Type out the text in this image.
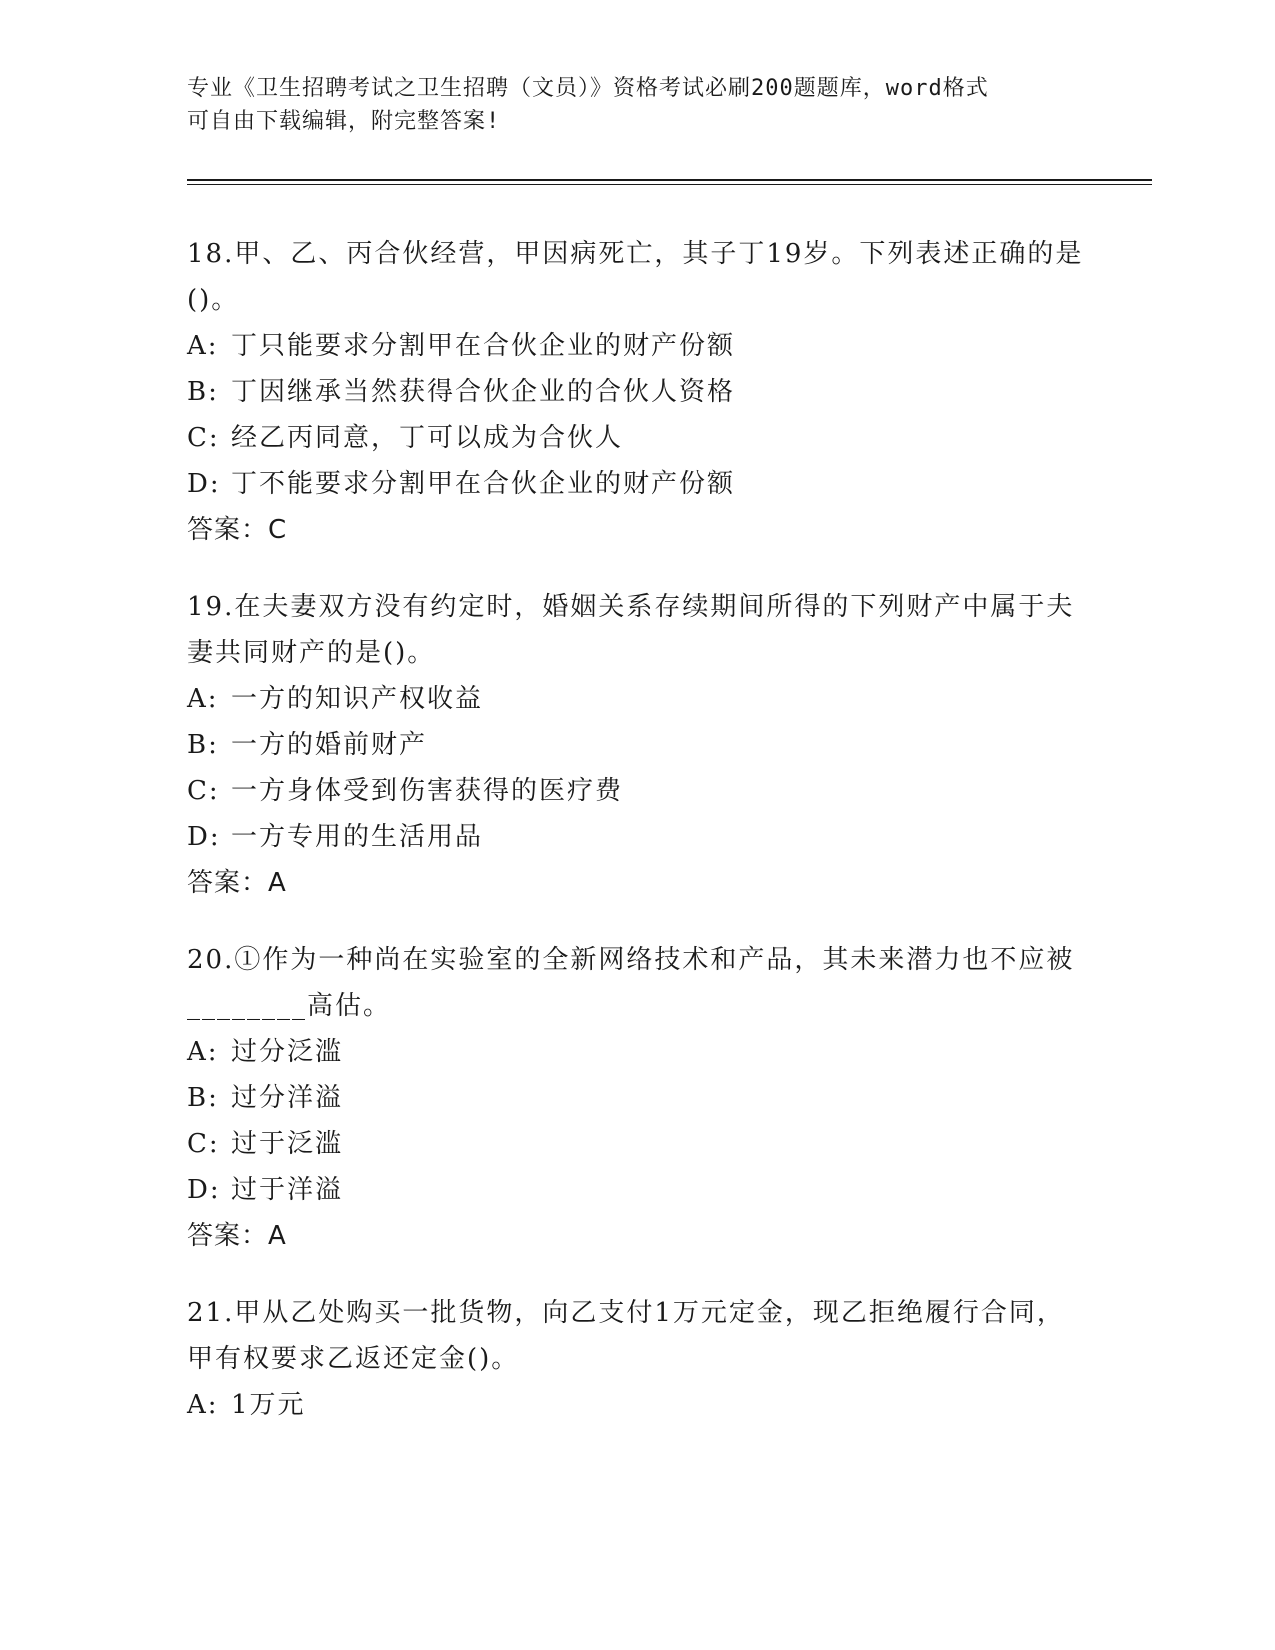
专业《卫生招聘考试之卫生招聘（文员）》资格考试必刷200题题库，word格式
可自由下载编辑，附完整答案!

18.甲、乙、丙合伙经营，甲因病死亡，其子丁19岁。下列表述正确的是()。

A: 丁只能要求分割甲在合伙企业的财产份额
B: 丁因继承当然获得合伙企业的合伙人资格
C: 经乙丙同意，丁可以成为合伙人
D: 丁不能要求分割甲在合伙企业的财产份额

答案：C

19.在夫妻双方没有约定时，婚姻关系存续期间所得的下列财产中属于夫妻共同财产的是()。

A: 一方的知识产权收益
B: 一方的婚前财产
C: 一方身体受到伤害获得的医疗费
D: 一方专用的生活用品

答案：A

20.①作为一种尚在实验室的全新网络技术和产品，其未来潜力也不应被________高估。

A: 过分泛滥
B: 过分洋溢
C: 过于泛滥
D: 过于洋溢

答案：A

21.甲从乙处购买一批货物，向乙支付1万元定金，现乙拒绝履行合同，甲有权要求乙返还定金()。

A: 1万元
